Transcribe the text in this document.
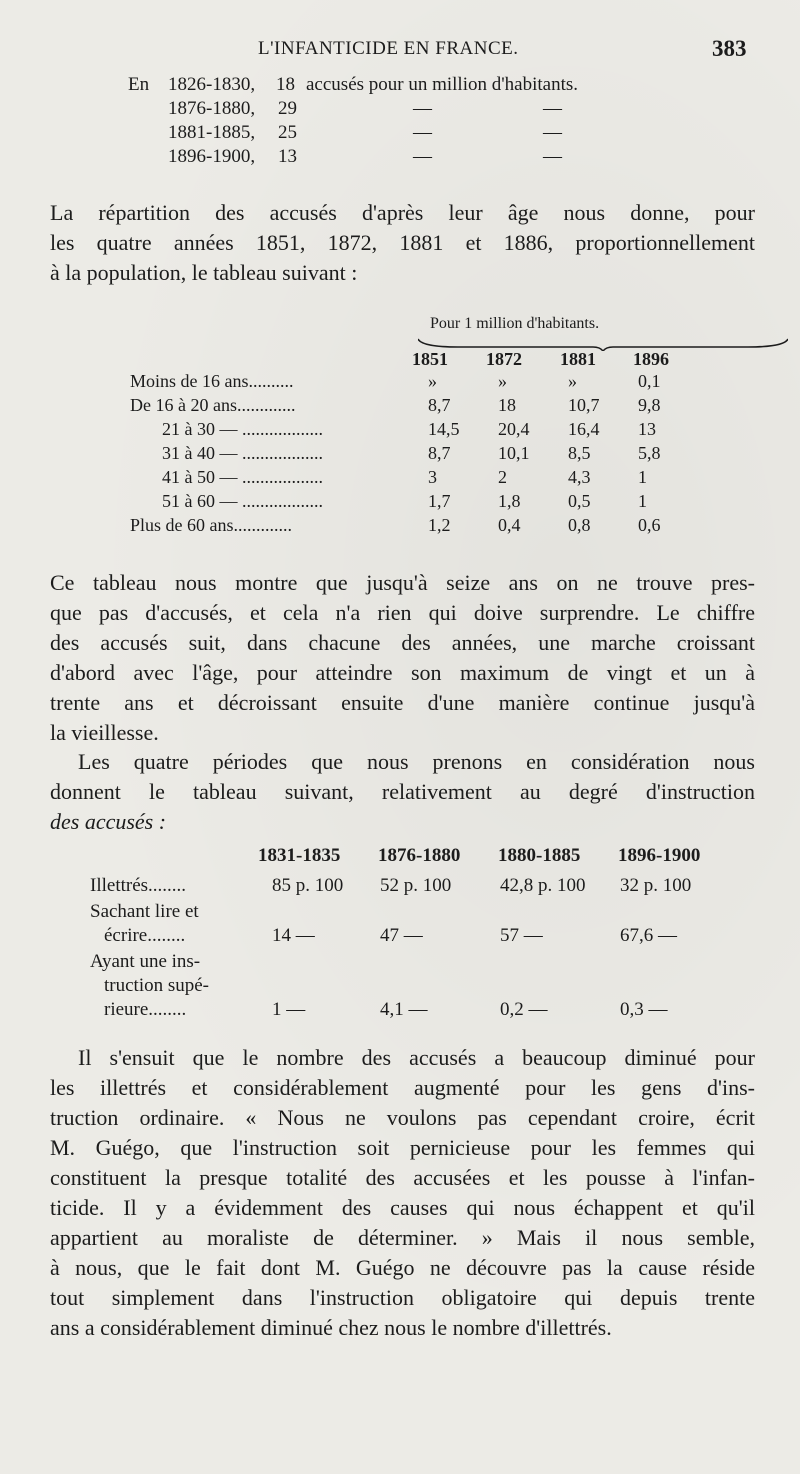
L'INFANTICIDE EN FRANCE.	383
En 1826-1830, 18 accusés pour un million d'habitants.
1876-1880, 29	—	—
1881-1885, 25	—	—
1896-1900, 13	—	—
La répartition des accusés d'après leur âge nous donne, pour
les quatre années 1851, 1872, 1881 et 1886, proportionnellement
à la population, le tableau suivant :
Pour 1 million d'habitants.
1851 1872 1881 1896
Moins de 16 ans..........	»	»	»	0,1
De 16 à 20 ans.............	8,7	18	10,7 9,8
21 à 30 — ..................	14,5 20,4 16,4 13
31 à 40 — ..................	8,7	10,1 8,5	5,8
41 à 50 — ..................	3	2	4,3	1
51 à 60 — ..................	1,7	1,8	0,5	1
Plus de 60 ans.............	1,2	0,4	0,8	0,6
Ce tableau nous montre que jusqu'à seize ans on ne trouve pres-
que pas d'accusés, et cela n'a rien qui doive surprendre. Le chiffre
des accusés suit, dans chacune des années, une marche croissant
d'abord avec l'âge, pour atteindre son maximum de vingt et un à
trente ans et décroissant ensuite d'une manière continue jusqu'à
la vieillesse.
Les quatre périodes que nous prenons en considération nous
donnent le tableau suivant, relativement au degré d'instruction
des accusés :
1831-1835 1876-1880 1880-1885 1896-1900
Illettrés........	85 p. 100 52 p. 100	42,8 p. 100 32 p. 100
Sachant lire et
écrire........	14 —	47 —	57 —	67,6 —
Ayant une ins-
truction supé-
rieure........	1 —	4,1 —	0,2 —	0,3 —
Il s'ensuit que le nombre des accusés a beaucoup diminué pour
les illettrés et considérablement augmenté pour les gens d'ins-
truction ordinaire. « Nous ne voulons pas cependant croire, écrit
M. Guégo, que l'instruction soit pernicieuse pour les femmes qui
constituent la presque totalité des accusées et les pousse à l'infan-
ticide. Il y a évidemment des causes qui nous échappent et qu'il
appartient au moraliste de déterminer. » Mais il nous semble,
à nous, que le fait dont M. Guégo ne découvre pas la cause réside
tout simplement dans l'instruction obligatoire qui depuis trente
ans a considérablement diminué chez nous le nombre d'illettrés.
